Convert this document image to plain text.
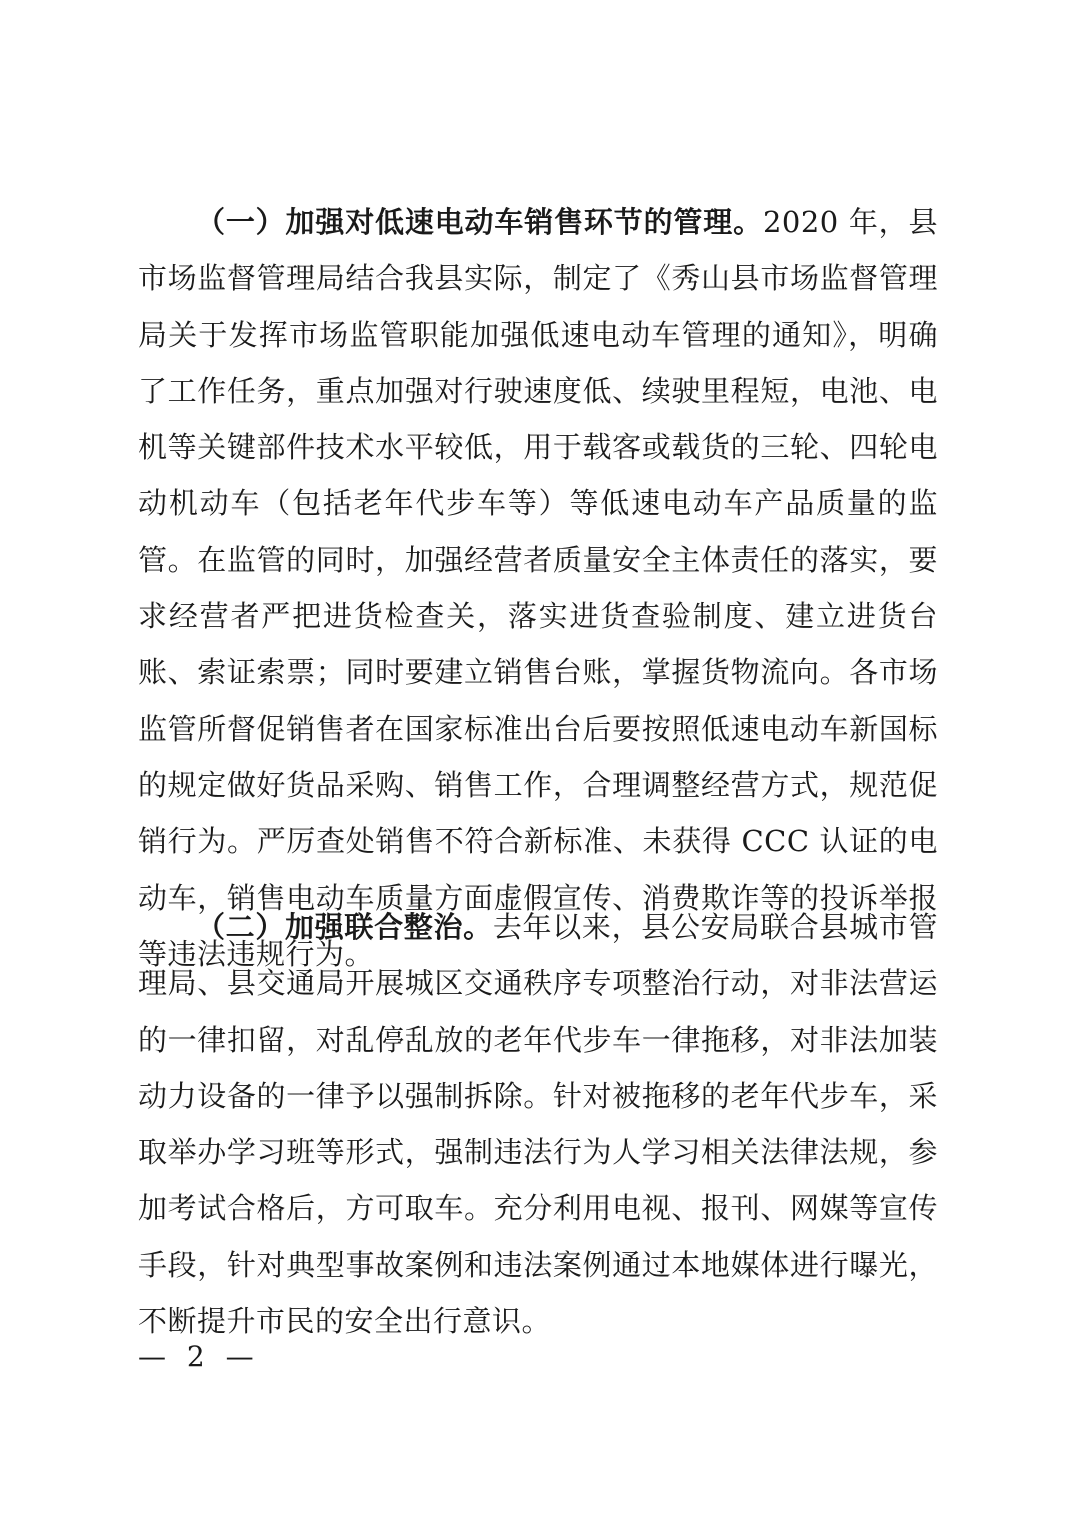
（一）加强对低速电动车销售环节的管理。2020 年，县市场监督管理局结合我县实际，制定了《秀山县市场监督管理局关于发挥市场监管职能加强低速电动车管理的通知》，明确了工作任务，重点加强对行驶速度低、续驶里程短，电池、电机等关键部件技术水平较低，用于载客或载货的三轮、四轮电动机动车（包括老年代步车等）等低速电动车产品质量的监管。在监管的同时，加强经营者质量安全主体责任的落实，要求经营者严把进货检查关，落实进货查验制度、建立进货台账、索证索票；同时要建立销售台账，掌握货物流向。各市场监管所督促销售者在国家标准出台后要按照低速电动车新国标的规定做好货品采购、销售工作，合理调整经营方式，规范促销行为。严厉查处销售不符合新标准、未获得 CCC 认证的电动车，销售电动车质量方面虚假宣传、消费欺诈等的投诉举报等违法违规行为。

（二）加强联合整治。去年以来，县公安局联合县城市管理局、县交通局开展城区交通秩序专项整治行动，对非法营运的一律扣留，对乱停乱放的老年代步车一律拖移，对非法加装动力设备的一律予以强制拆除。针对被拖移的老年代步车，采取举办学习班等形式，强制违法行为人学习相关法律法规，参加考试合格后，方可取车。充分利用电视、报刊、网媒等宣传手段，针对典型事故案例和违法案例通过本地媒体进行曝光，不断提升市民的安全出行意识。

— 2 —
